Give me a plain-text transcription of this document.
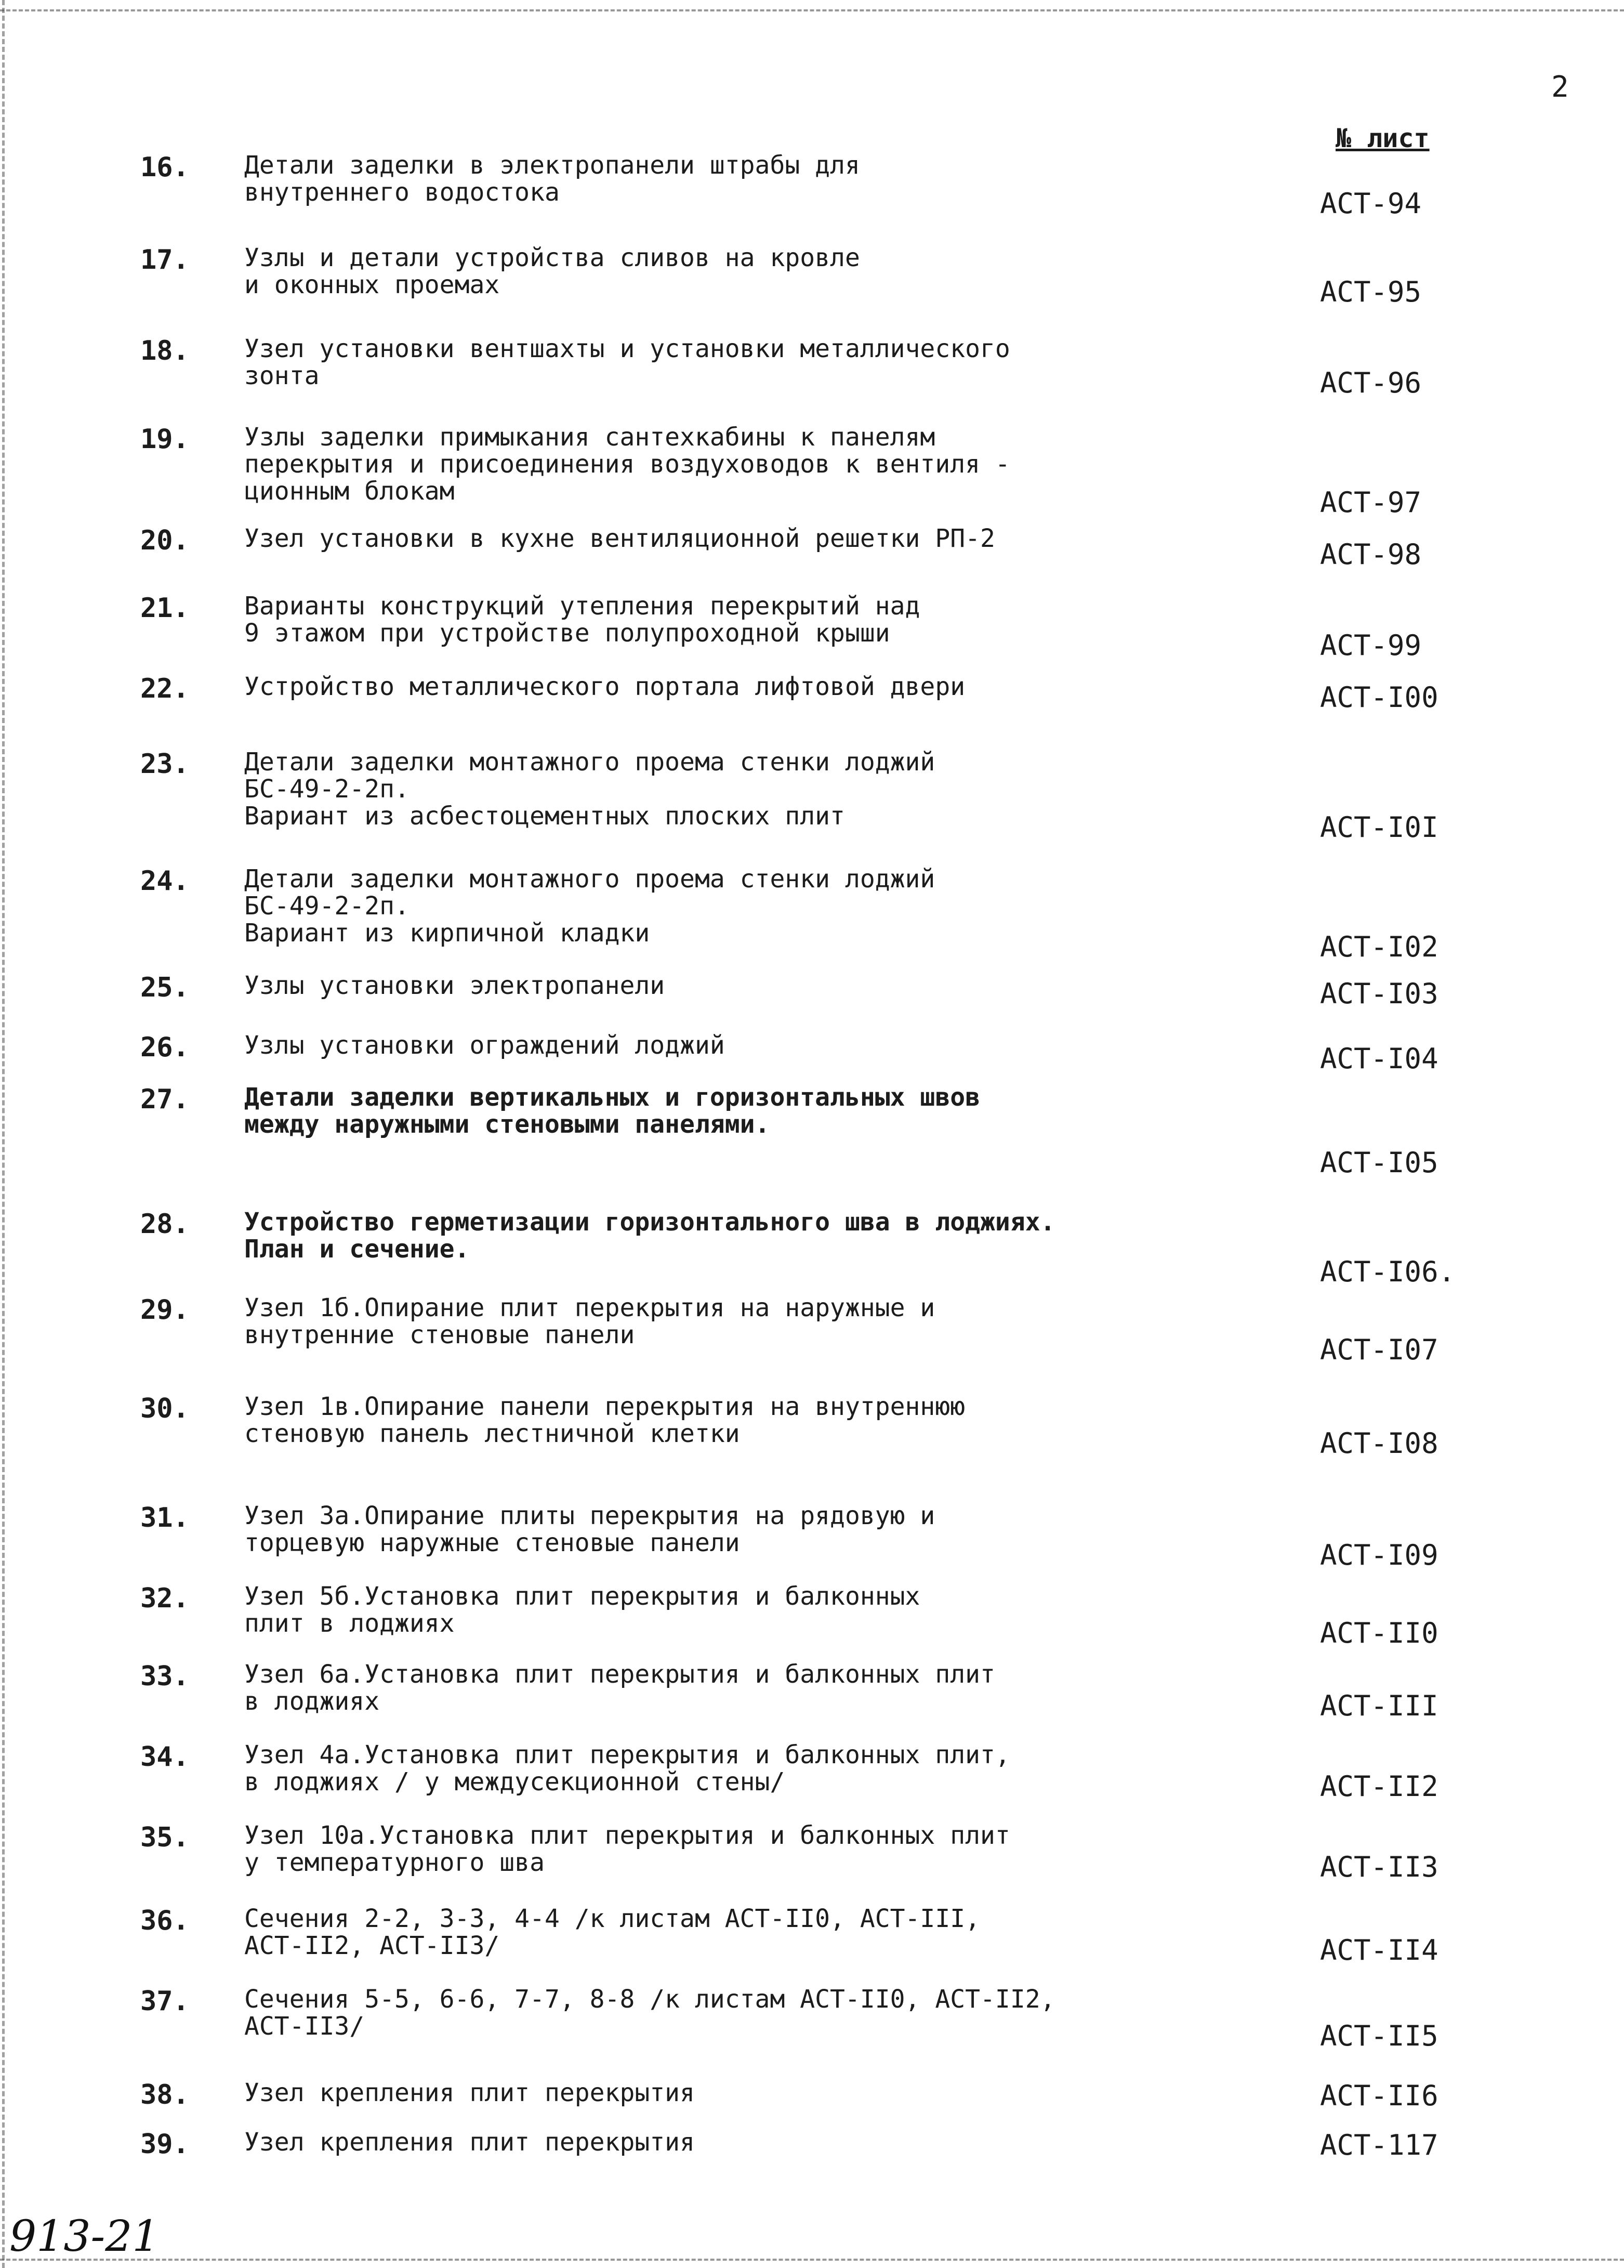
2
№ лист
16. Детали заделки в электропанели штрабы для
внутреннего водостока	АСТ-94
17. Узлы и детали устройства сливов на кровле
и оконных проемах	АСТ-95
18. Узел установки вентшахты и установки металлического
зонта	АСТ-96
19. Узлы заделки примыкания сантехкабины к панелям
перекрытия и присоединения воздуховодов к вентиля -
ционным блокам	АСТ-97
20. Узел установки в кухне вентиляционной решетки РП-2	АСТ-98
21. Варианты конструкций утепления перекрытий над
9 этажом при устройстве полупроходной крыши	АСТ-99
22. Устройство металлического портала лифтовой двери	АСТ-I00
23. Детали заделки монтажного проема стенки лоджий
БС-49-2-2п.
Вариант из асбестоцементных плоских плит	АСТ-I0I
24. Детали заделки монтажного проема стенки лоджий
БС-49-2-2п.
Вариант из кирпичной кладки	АСТ-I02
25. Узлы установки электропанели	АСТ-I03
26. Узлы установки ограждений лоджий	АСТ-I04
27. Детали заделки вертикальных и горизонтальных швов
между наружными стеновыми панелями.
АСТ-I05
28. Устройство герметизации горизонтального шва в лоджиях.
План и сечение.
АСТ-I06.
29. Узел 1б.Опирание плит перекрытия на наружные и
внутренние стеновые панели	АСТ-I07
30. Узел 1в.Опирание панели перекрытия на внутреннюю
стеновую панель лестничной клетки	АСТ-I08
31. Узел 3а.Опирание плиты перекрытия на рядовую и
торцевую наружные стеновые панели	АСТ-I09
32. Узел 5б.Установка плит перекрытия и балконных
плит в лоджиях	АСТ-II0
33. Узел 6а.Установка плит перекрытия и балконных плит
в лоджиях	АСТ-III
34. Узел 4а.Установка плит перекрытия и балконных плит,
в лоджиях / у междусекционной стены/	АСТ-II2
35. Узел 10а.Установка плит перекрытия и балконных плит
у температурного шва	АСТ-II3
36. Сечения 2-2, 3-3, 4-4 /к листам АСТ-II0, АСТ-III,
АСТ-II2, АСТ-II3/	АСТ-II4
37. Сечения 5-5, 6-6, 7-7, 8-8 /к листам АСТ-II0, АСТ-II2,
АСТ-II3/	АСТ-II5
38. Узел крепления плит перекрытия	АСТ-II6
39. Узел крепления плит перекрытия	АСТ-117
913-21
